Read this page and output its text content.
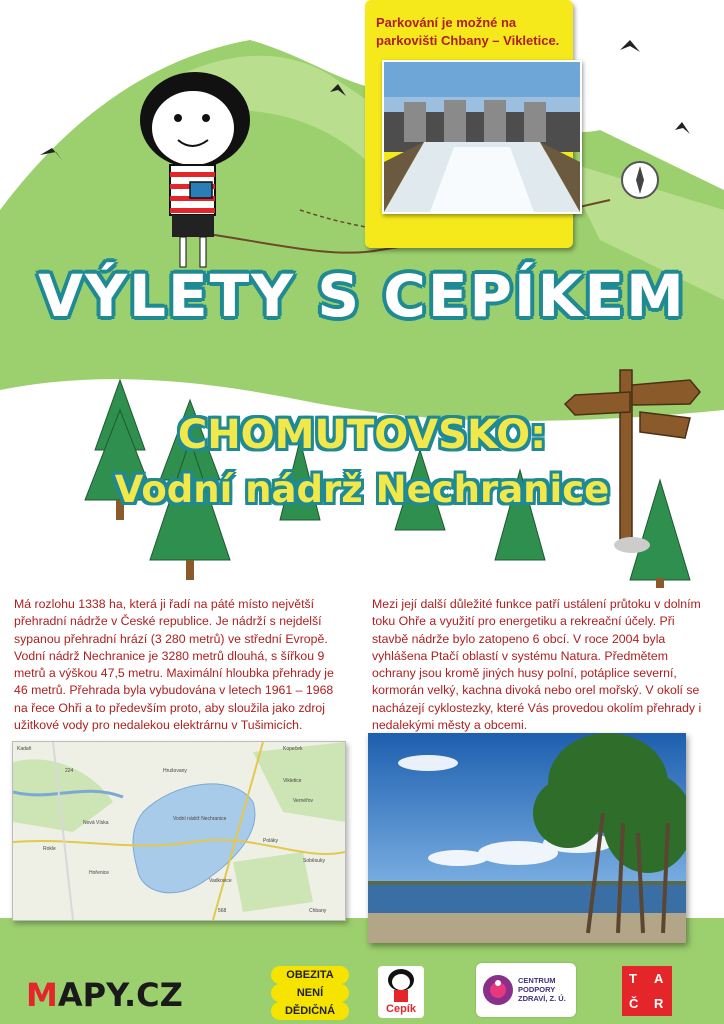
VÝLETY S CEPÍKEM
CHOMUTOVSKO:
Vodní nádrž Nechranice
Parkování je možné na parkovišti Chbany – Vikletice.
Má rozlohu 1338 ha, která ji řadí na páté místo největší přehradní nádrže v České republice. Je nádrží s nejdelší sypanou přehradní hrází (3 280 metrů) ve střední Evropě. Vodní nádrž Nechranice je 3280 metrů dlouhá, s šířkou 9 metrů a výškou 47,5 metru. Maximální hloubka přehrady je 46 metrů. Přehrada byla vybudována v letech 1961 – 1968 na řece Ohři a to především proto, aby sloužila jako zdroj užitkové vody pro nedalekou elektrárnu v Tušimicích.
Mezi její další důležité funkce patří ustálení průtoku v dolním toku Ohře a využití pro energetiku a rekreační účely. Při stavbě nádrže bylo zatopeno 6 obcí. V roce 2004 byla vyhlášena Ptačí oblastí v systému Natura. Předmětem ochrany jsou kromě jiných husy polní, potáplice severní, kormorán velký, kachna divoká nebo orel mořský. V okolí se nacházejí cyklostezky, které Vás provedou okolím přehrady i nedalekými městy a obcemi.
Kadaň	Kopeček
Vikletice
Nová Víska
Rokle
Hořenice
Chbany
Vadkovice
Poláky
Soběsuky
Vodní nádrž Nechranice
Hrušovany
Vernéřov
224
568
MAPY.CZ
OBEZITA
NENÍ
DĚDIČNÁ	Cepík
CENTRUM
PODPORY
ZDRAVÍ, Z. Ú.
T A
Č R
